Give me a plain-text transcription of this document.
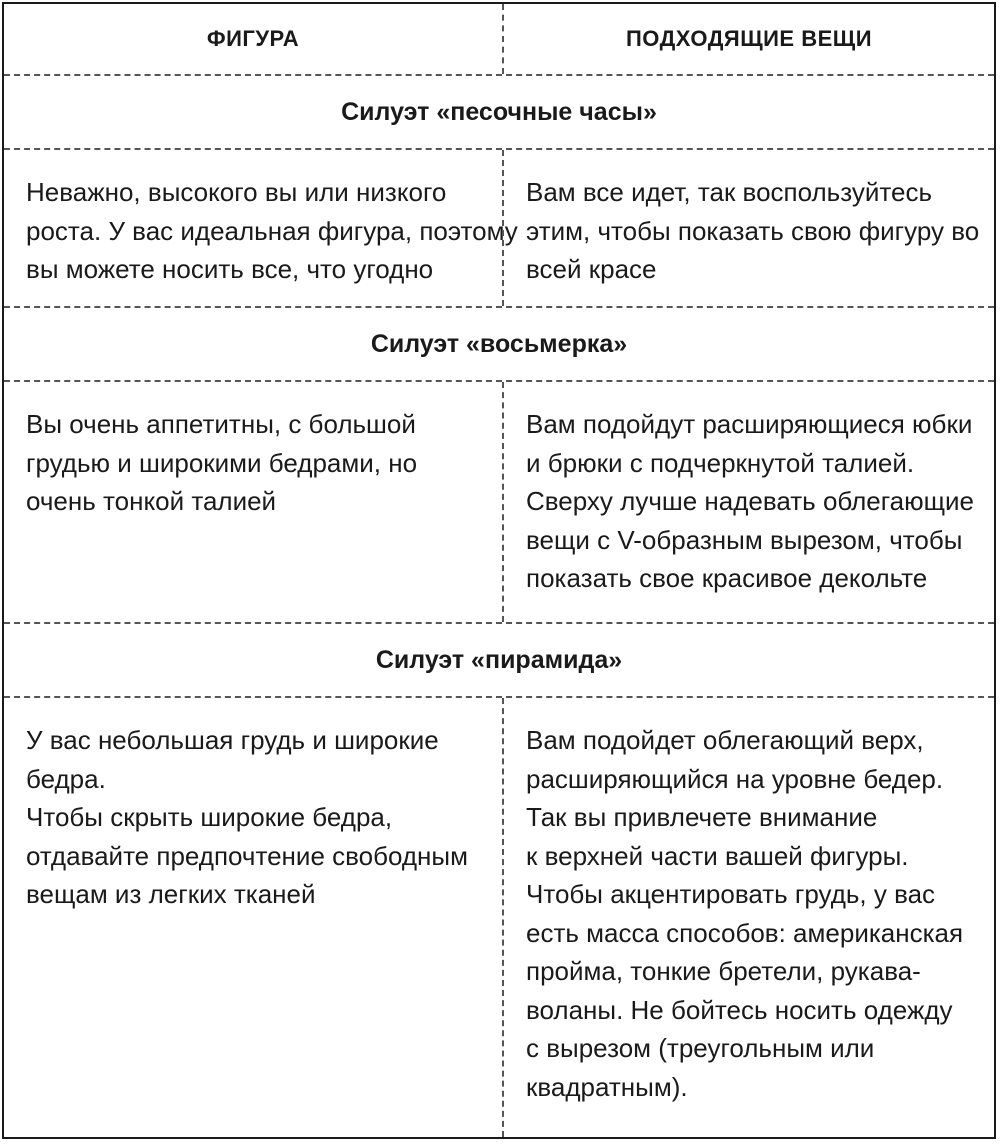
ФИГУРА	ПОДХОДЯЩИЕ ВЕЩИ
Силуэт «песочные часы»
Неважно, высокого вы или низкого
роста. У вас идеальная фигура, поэтому
вы можете носить все, что угодно
Вам все идет, так воспользуйтесь
этим, чтобы показать свою фигуру во
всей красе
Силуэт «восьмерка»
Вы очень аппетитны, с большой
грудью и широкими бедрами, но
очень тонкой талией
Вам подойдут расширяющиеся юбки
и брюки с подчеркнутой талией.
Сверху лучше надевать облегающие
вещи с V-образным вырезом, чтобы
показать свое красивое декольте
Силуэт «пирамида»
У вас небольшая грудь и широкие
бедра.
Чтобы скрыть широкие бедра,
отдавайте предпочтение свободным
вещам из легких тканей
Вам подойдет облегающий верх,
расширяющийся на уровне бедер.
Так вы привлечете внимание
к верхней части вашей фигуры.
Чтобы акцентировать грудь, у вас
есть масса способов: американская
пройма, тонкие бретели, рукава-
воланы. Не бойтесь носить одежду
с вырезом (треугольным или
квадратным).
